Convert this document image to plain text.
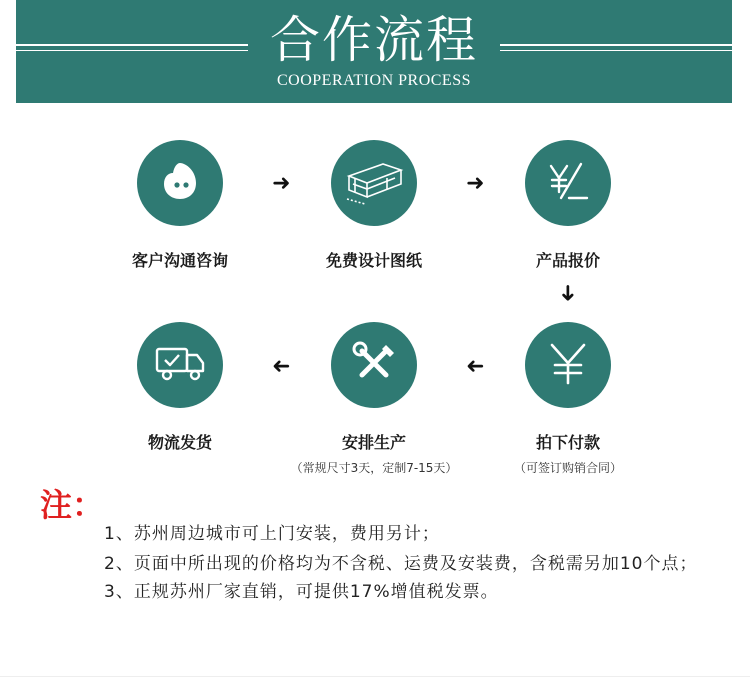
合作流程
COOPERATION PROCESS
客户沟通咨询
➜
免费设计图纸
➜
产品报价
➜
拍下付款
（可签订购销合同）
➜
安排生产
（常规尺寸3天，定制7-15天）
➜
物流发货
注：

1、苏州周边城市可上门安装，费用另计；

2、页面中所出现的价格均为不含税、运费及安装费，含税需另加10个点；

3、正规苏州厂家直销，可提供17%增值税发票。
